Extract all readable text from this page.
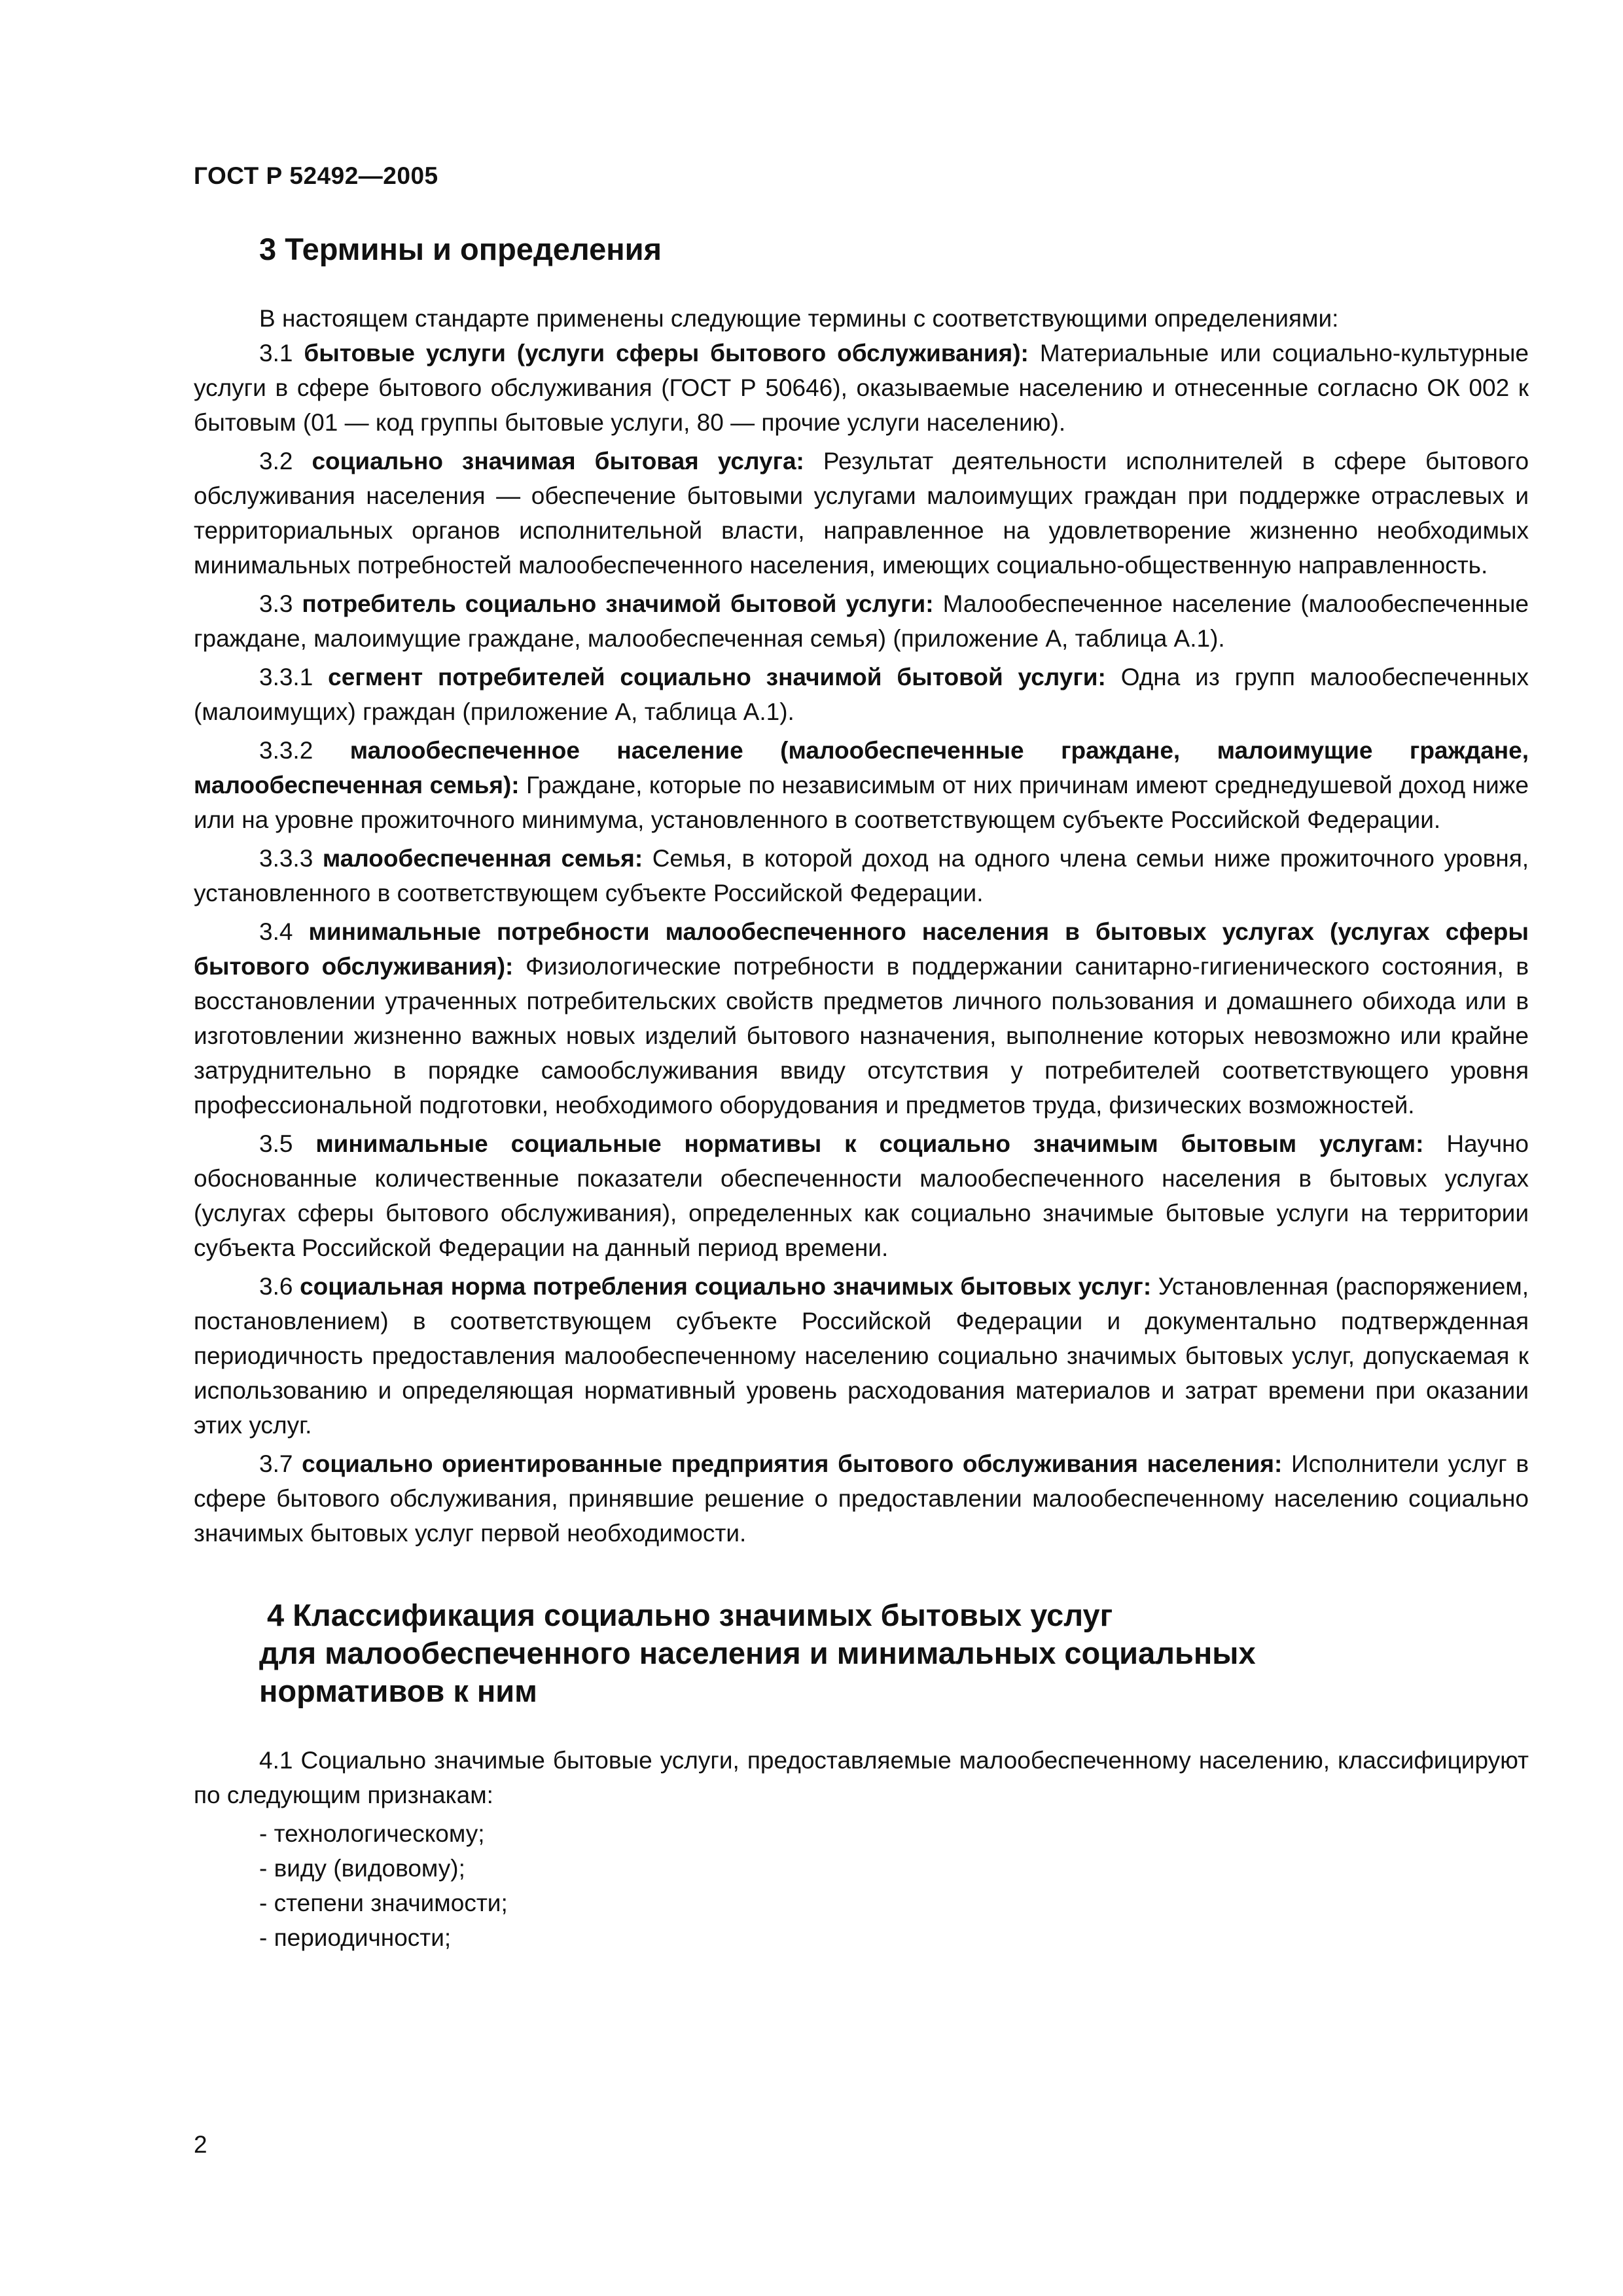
ГОСТ Р 52492—2005
3 Термины и определения

В настоящем стандарте применены следующие термины с соответствующими определениями:

3.1 бытовые услуги (услуги сферы бытового обслуживания): Материальные или социально-культурные услуги в сфере бытового обслуживания (ГОСТ Р 50646), оказываемые населению и отнесенные согласно ОК 002 к бытовым (01 — код группы бытовые услуги, 80 — прочие услуги населению).

3.2 социально значимая бытовая услуга: Результат деятельности исполнителей в сфере бытового обслуживания населения — обеспечение бытовыми услугами малоимущих граждан при поддержке отраслевых и территориальных органов исполнительной власти, направленное на удовлетворение жизненно необходимых минимальных потребностей малообеспеченного населения, имеющих социально-общественную направленность.

3.3 потребитель социально значимой бытовой услуги: Малообеспеченное население (малообеспеченные граждане, малоимущие граждане, малообеспеченная семья) (приложение А, таблица А.1).

3.3.1 сегмент потребителей социально значимой бытовой услуги: Одна из групп малообеспеченных (малоимущих) граждан (приложение А, таблица А.1).

3.3.2 малообеспеченное население (малообеспеченные граждане, малоимущие граждане, малообеспеченная семья): Граждане, которые по независимым от них причинам имеют среднедушевой доход ниже или на уровне прожиточного минимума, установленного в соответствующем субъекте Российской Федерации.

3.3.3 малообеспеченная семья: Семья, в которой доход на одного члена семьи ниже прожиточного уровня, установленного в соответствующем субъекте Российской Федерации.

3.4 минимальные потребности малообеспеченного населения в бытовых услугах (услугах сферы бытового обслуживания): Физиологические потребности в поддержании санитарно-гигиенического состояния, в восстановлении утраченных потребительских свойств предметов личного пользования и домашнего обихода или в изготовлении жизненно важных новых изделий бытового назначения, выполнение которых невозможно или крайне затруднительно в порядке самообслуживания ввиду отсутствия у потребителей соответствующего уровня профессиональной подготовки, необходимого оборудования и предметов труда, физических возможностей.

3.5 минимальные социальные нормативы к социально значимым бытовым услугам: Научно обоснованные количественные показатели обеспеченности малообеспеченного населения в бытовых услугах (услугах сферы бытового обслуживания), определенных как социально значимые бытовые услуги на территории субъекта Российской Федерации на данный период времени.

3.6 социальная норма потребления социально значимых бытовых услуг: Установленная (распоряжением, постановлением) в соответствующем субъекте Российской Федерации и документально подтвержденная периодичность предоставления малообеспеченному населению социально значимых бытовых услуг, допускаемая к использованию и определяющая нормативный уровень расходования материалов и затрат времени при оказании этих услуг.

3.7 социально ориентированные предприятия бытового обслуживания населения: Исполнители услуг в сфере бытового обслуживания, принявшие решение о предоставлении малообеспеченному населению социально значимых бытовых услуг первой необходимости.

4 Классификация социально значимых бытовых услуг
для малообеспеченного населения и минимальных социальных
нормативов к ним

4.1 Социально значимые бытовые услуги, предоставляемые малообеспеченному населению, классифицируют по следующим признакам:

- технологическому;
- виду (видовому);
- степени значимости;
- периодичности;
2
